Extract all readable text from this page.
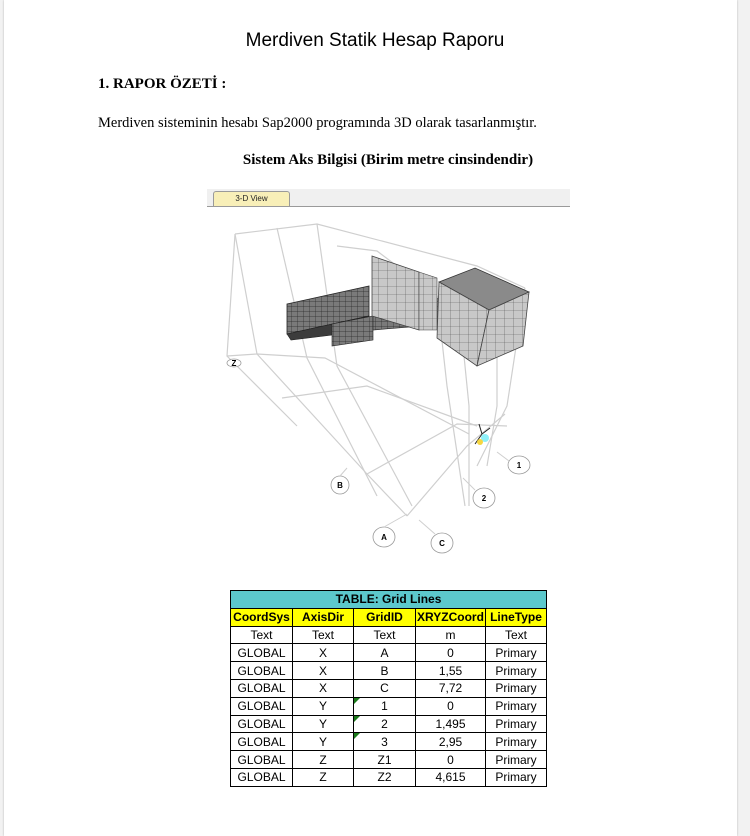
Merdiven Statik Hesap Raporu
1. RAPOR ÖZETİ :
Merdiven sisteminin hesabı Sap2000 programında 3D olarak tasarlanmıştır.
Sistem Aks Bilgisi (Birim metre cinsindendir)
3-D View
Z
B
A
C
2
1
TABLE: Grid Lines				
CoordSys	AxisDir	GridID	XRYZCoord	LineType
Text	Text	Text	m	Text
GLOBAL	X	A	0	Primary
GLOBAL	X	B	1,55	Primary
GLOBAL	X	C	7,72	Primary
GLOBAL	Y	1	0	Primary
GLOBAL	Y	2	1,495	Primary
GLOBAL	Y	3	2,95	Primary
GLOBAL	Z	Z1	0	Primary
GLOBAL	Z	Z2	4,615	Primary
